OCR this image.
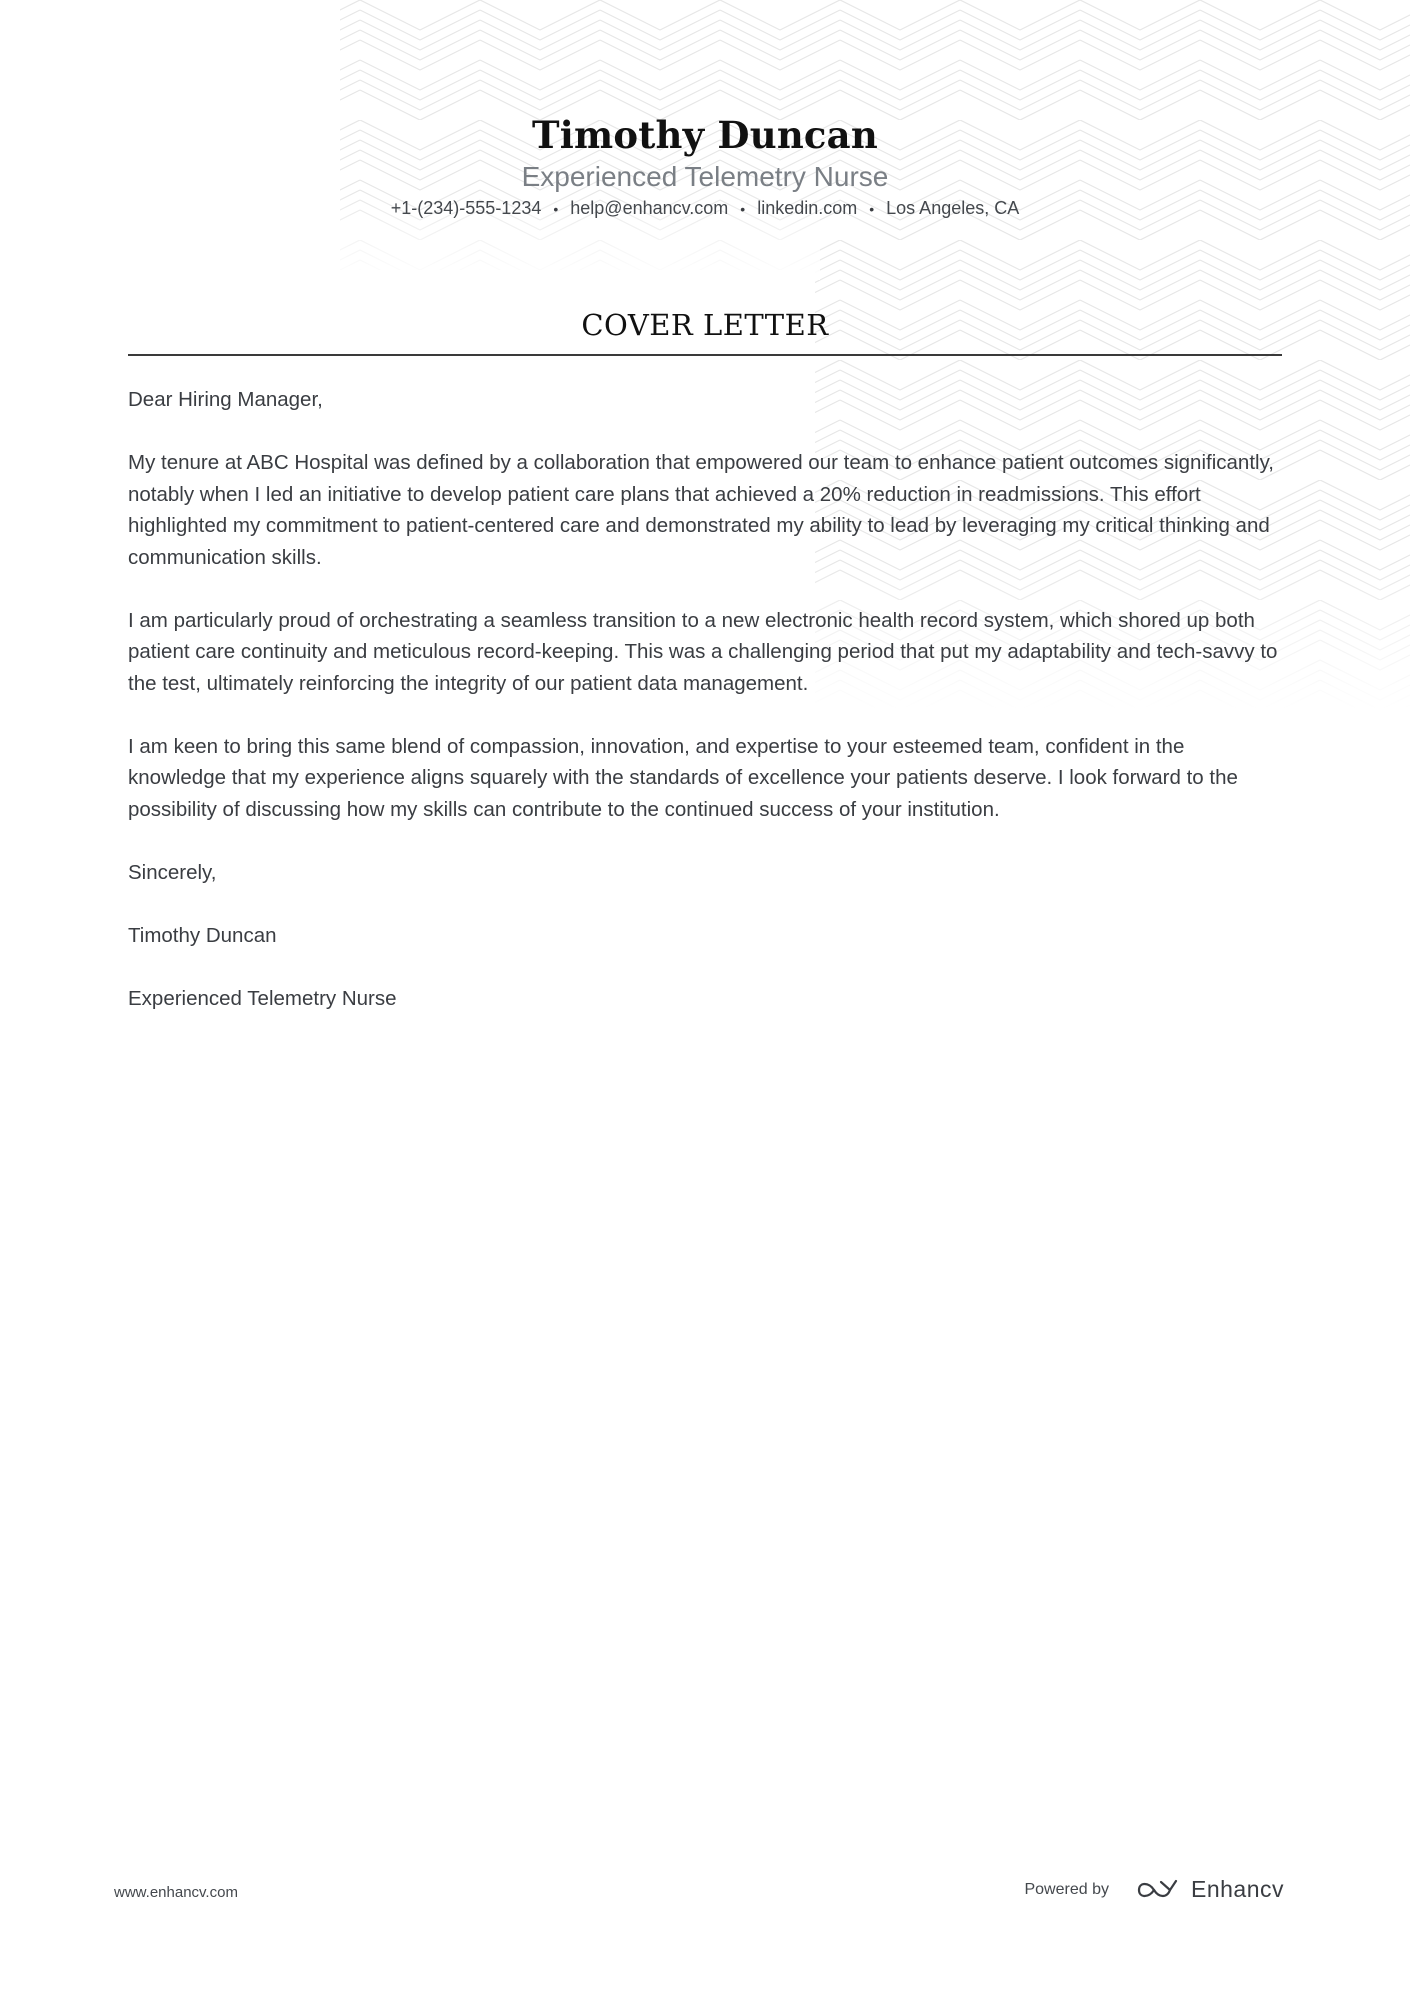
Timothy Duncan
Experienced Telemetry Nurse
+1-(234)-555-1234 • help@enhancv.com • linkedin.com • Los Angeles, CA
COVER LETTER

Dear Hiring Manager,

My tenure at ABC Hospital was defined by a collaboration that empowered our team to enhance patient outcomes significantly, notably when I led an initiative to develop patient care plans that achieved a 20% reduction in readmissions. This effort highlighted my commitment to patient-centered care and demonstrated my ability to lead by leveraging my critical thinking and communication skills.

I am particularly proud of orchestrating a seamless transition to a new electronic health record system, which shored up both patient care continuity and meticulous record-keeping. This was a challenging period that put my adaptability and tech-savvy to the test, ultimately reinforcing the integrity of our patient data management.

I am keen to bring this same blend of compassion, innovation, and expertise to your esteemed team, confident in the knowledge that my experience aligns squarely with the standards of excellence your patients deserve. I look forward to the possibility of discussing how my skills can contribute to the continued success of your institution.

Sincerely,

Timothy Duncan

Experienced Telemetry Nurse

www.enhancv.com	Powered by	Enhancv
